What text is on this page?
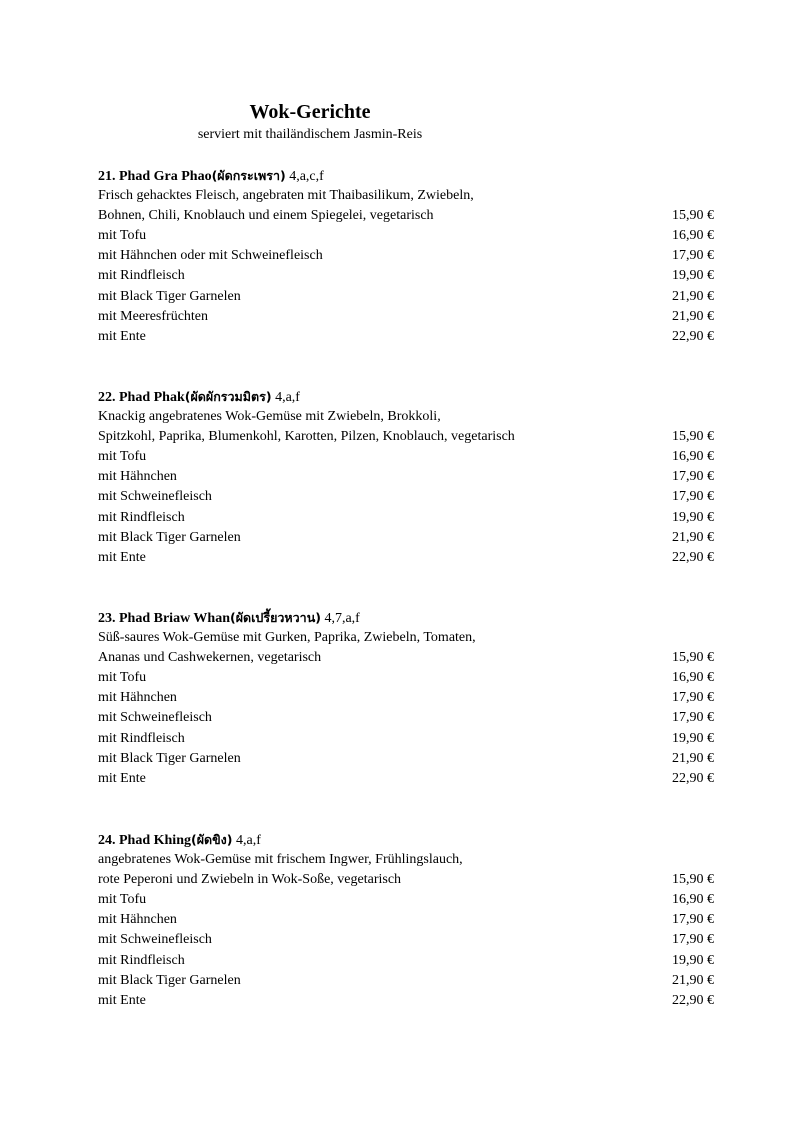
Wok-Gerichte
serviert mit thailändischem Jasmin-Reis
21. Phad Gra Phao(ผัดกระเพรา) 4,a,c,f
Frisch gehacktes Fleisch, angebraten mit Thaibasilikum, Zwiebeln,
Bohnen, Chili, Knoblauch und einem Spiegelei, vegetarisch	15,90 €
mit Tofu	16,90 €
mit Hähnchen oder mit Schweinefleisch	17,90 €
mit Rindfleisch	19,90 €
mit Black Tiger Garnelen	21,90 €
mit Meeresfrüchten	21,90 €
mit Ente	22,90 €
22. Phad Phak(ผัดผักรวมมิตร) 4,a,f
Knackig angebratenes Wok-Gemüse mit Zwiebeln, Brokkoli,
Spitzkohl, Paprika, Blumenkohl, Karotten, Pilzen, Knoblauch, vegetarisch	15,90 €
mit Tofu	16,90 €
mit Hähnchen	17,90 €
mit Schweinefleisch	17,90 €
mit Rindfleisch	19,90 €
mit Black Tiger Garnelen	21,90 €
mit Ente	22,90 €
23. Phad Briaw Whan(ผัดเปรี้ยวหวาน) 4,7,a,f
Süß-saures Wok-Gemüse mit Gurken, Paprika, Zwiebeln, Tomaten,
Ananas und Cashwekernen, vegetarisch	15,90 €
mit Tofu	16,90 €
mit Hähnchen	17,90 €
mit Schweinefleisch	17,90 €
mit Rindfleisch	19,90 €
mit Black Tiger Garnelen	21,90 €
mit Ente	22,90 €
24. Phad Khing(ผัดขิง) 4,a,f
angebratenes Wok-Gemüse mit frischem Ingwer, Frühlingslauch,
rote Peperoni und Zwiebeln in Wok-Soße, vegetarisch	15,90 €
mit Tofu	16,90 €
mit Hähnchen	17,90 €
mit Schweinefleisch	17,90 €
mit Rindfleisch	19,90 €
mit Black Tiger Garnelen	21,90 €
mit Ente	22,90 €
